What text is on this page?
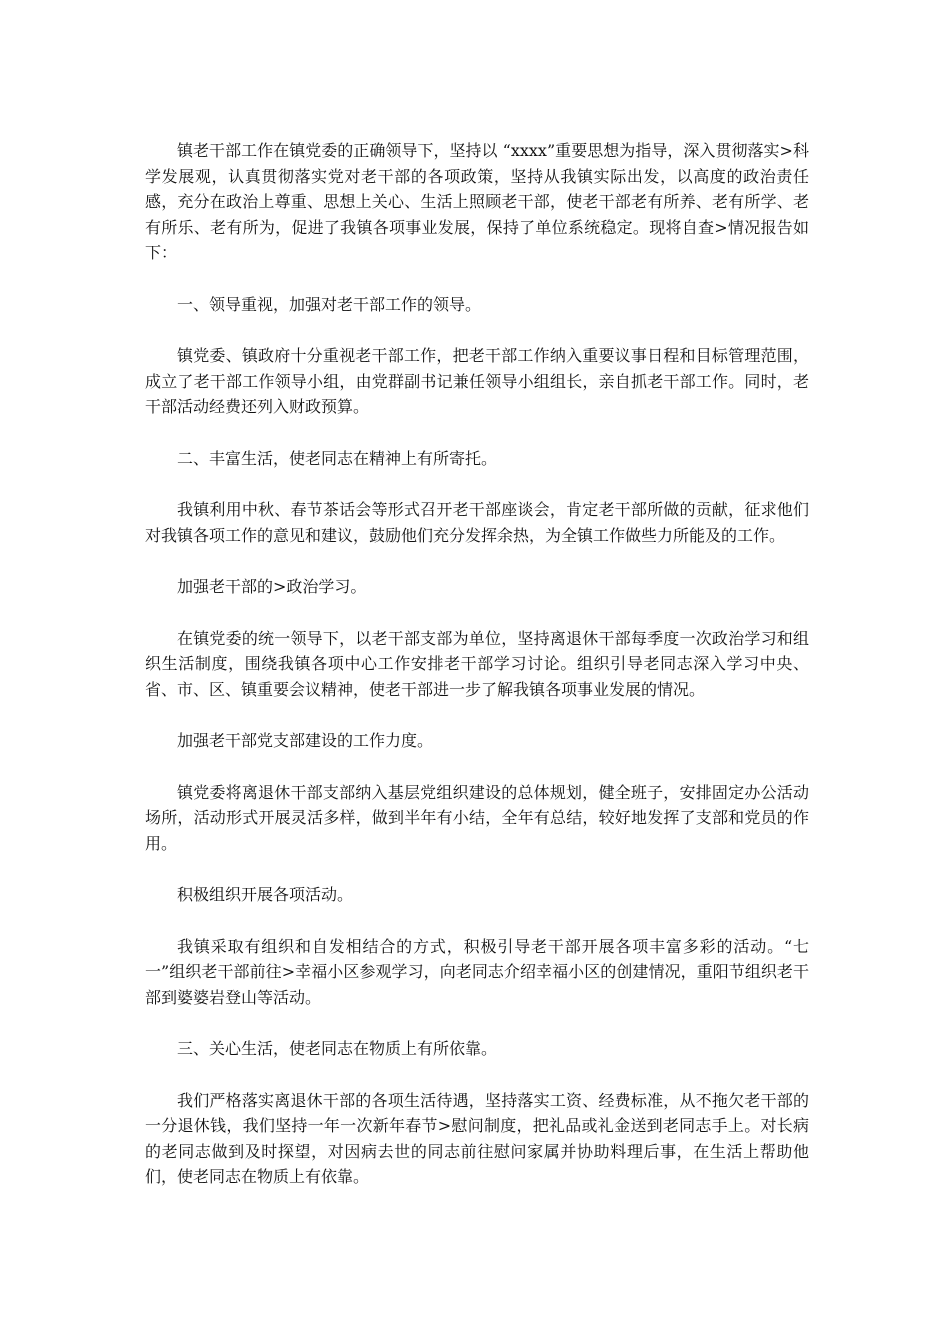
镇老干部工作在镇党委的正确领导下，坚持以 “xxxx”重要思想为指导，深入贯彻落实>科学发展观，认真贯彻落实党对老干部的各项政策，坚持从我镇实际出发，以高度的政治责任感，充分在政治上尊重、思想上关心、生活上照顾老干部，使老干部老有所养、老有所学、老有所乐、老有所为，促进了我镇各项事业发展，保持了单位系统稳定。现将自查>情况报告如下：

一、领导重视，加强对老干部工作的领导。

镇党委、镇政府十分重视老干部工作，把老干部工作纳入重要议事日程和目标管理范围，成立了老干部工作领导小组，由党群副书记兼任领导小组组长，亲自抓老干部工作。同时，老干部活动经费还列入财政预算。

二、丰富生活，使老同志在精神上有所寄托。

我镇利用中秋、春节茶话会等形式召开老干部座谈会，肯定老干部所做的贡献，征求他们对我镇各项工作的意见和建议，鼓励他们充分发挥余热，为全镇工作做些力所能及的工作。

加强老干部的>政治学习。

在镇党委的统一领导下，以老干部支部为单位，坚持离退休干部每季度一次政治学习和组织生活制度，围绕我镇各项中心工作安排老干部学习讨论。组织引导老同志深入学习中央、省、市、区、镇重要会议精神，使老干部进一步了解我镇各项事业发展的情况。

加强老干部党支部建设的工作力度。

镇党委将离退休干部支部纳入基层党组织建设的总体规划，健全班子，安排固定办公活动场所，活动形式开展灵活多样，做到半年有小结，全年有总结，较好地发挥了支部和党员的作用。

积极组织开展各项活动。

我镇采取有组织和自发相结合的方式，积极引导老干部开展各项丰富多彩的活动。“七一”组织老干部前往>幸福小区参观学习，向老同志介绍幸福小区的创建情况，重阳节组织老干部到婆婆岩登山等活动。

三、关心生活，使老同志在物质上有所依靠。

我们严格落实离退休干部的各项生活待遇，坚持落实工资、经费标准，从不拖欠老干部的一分退休钱，我们坚持一年一次新年春节>慰问制度，把礼品或礼金送到老同志手上。对长病的老同志做到及时探望，对因病去世的同志前往慰问家属并协助料理后事，在生活上帮助他们，使老同志在物质上有依靠。
